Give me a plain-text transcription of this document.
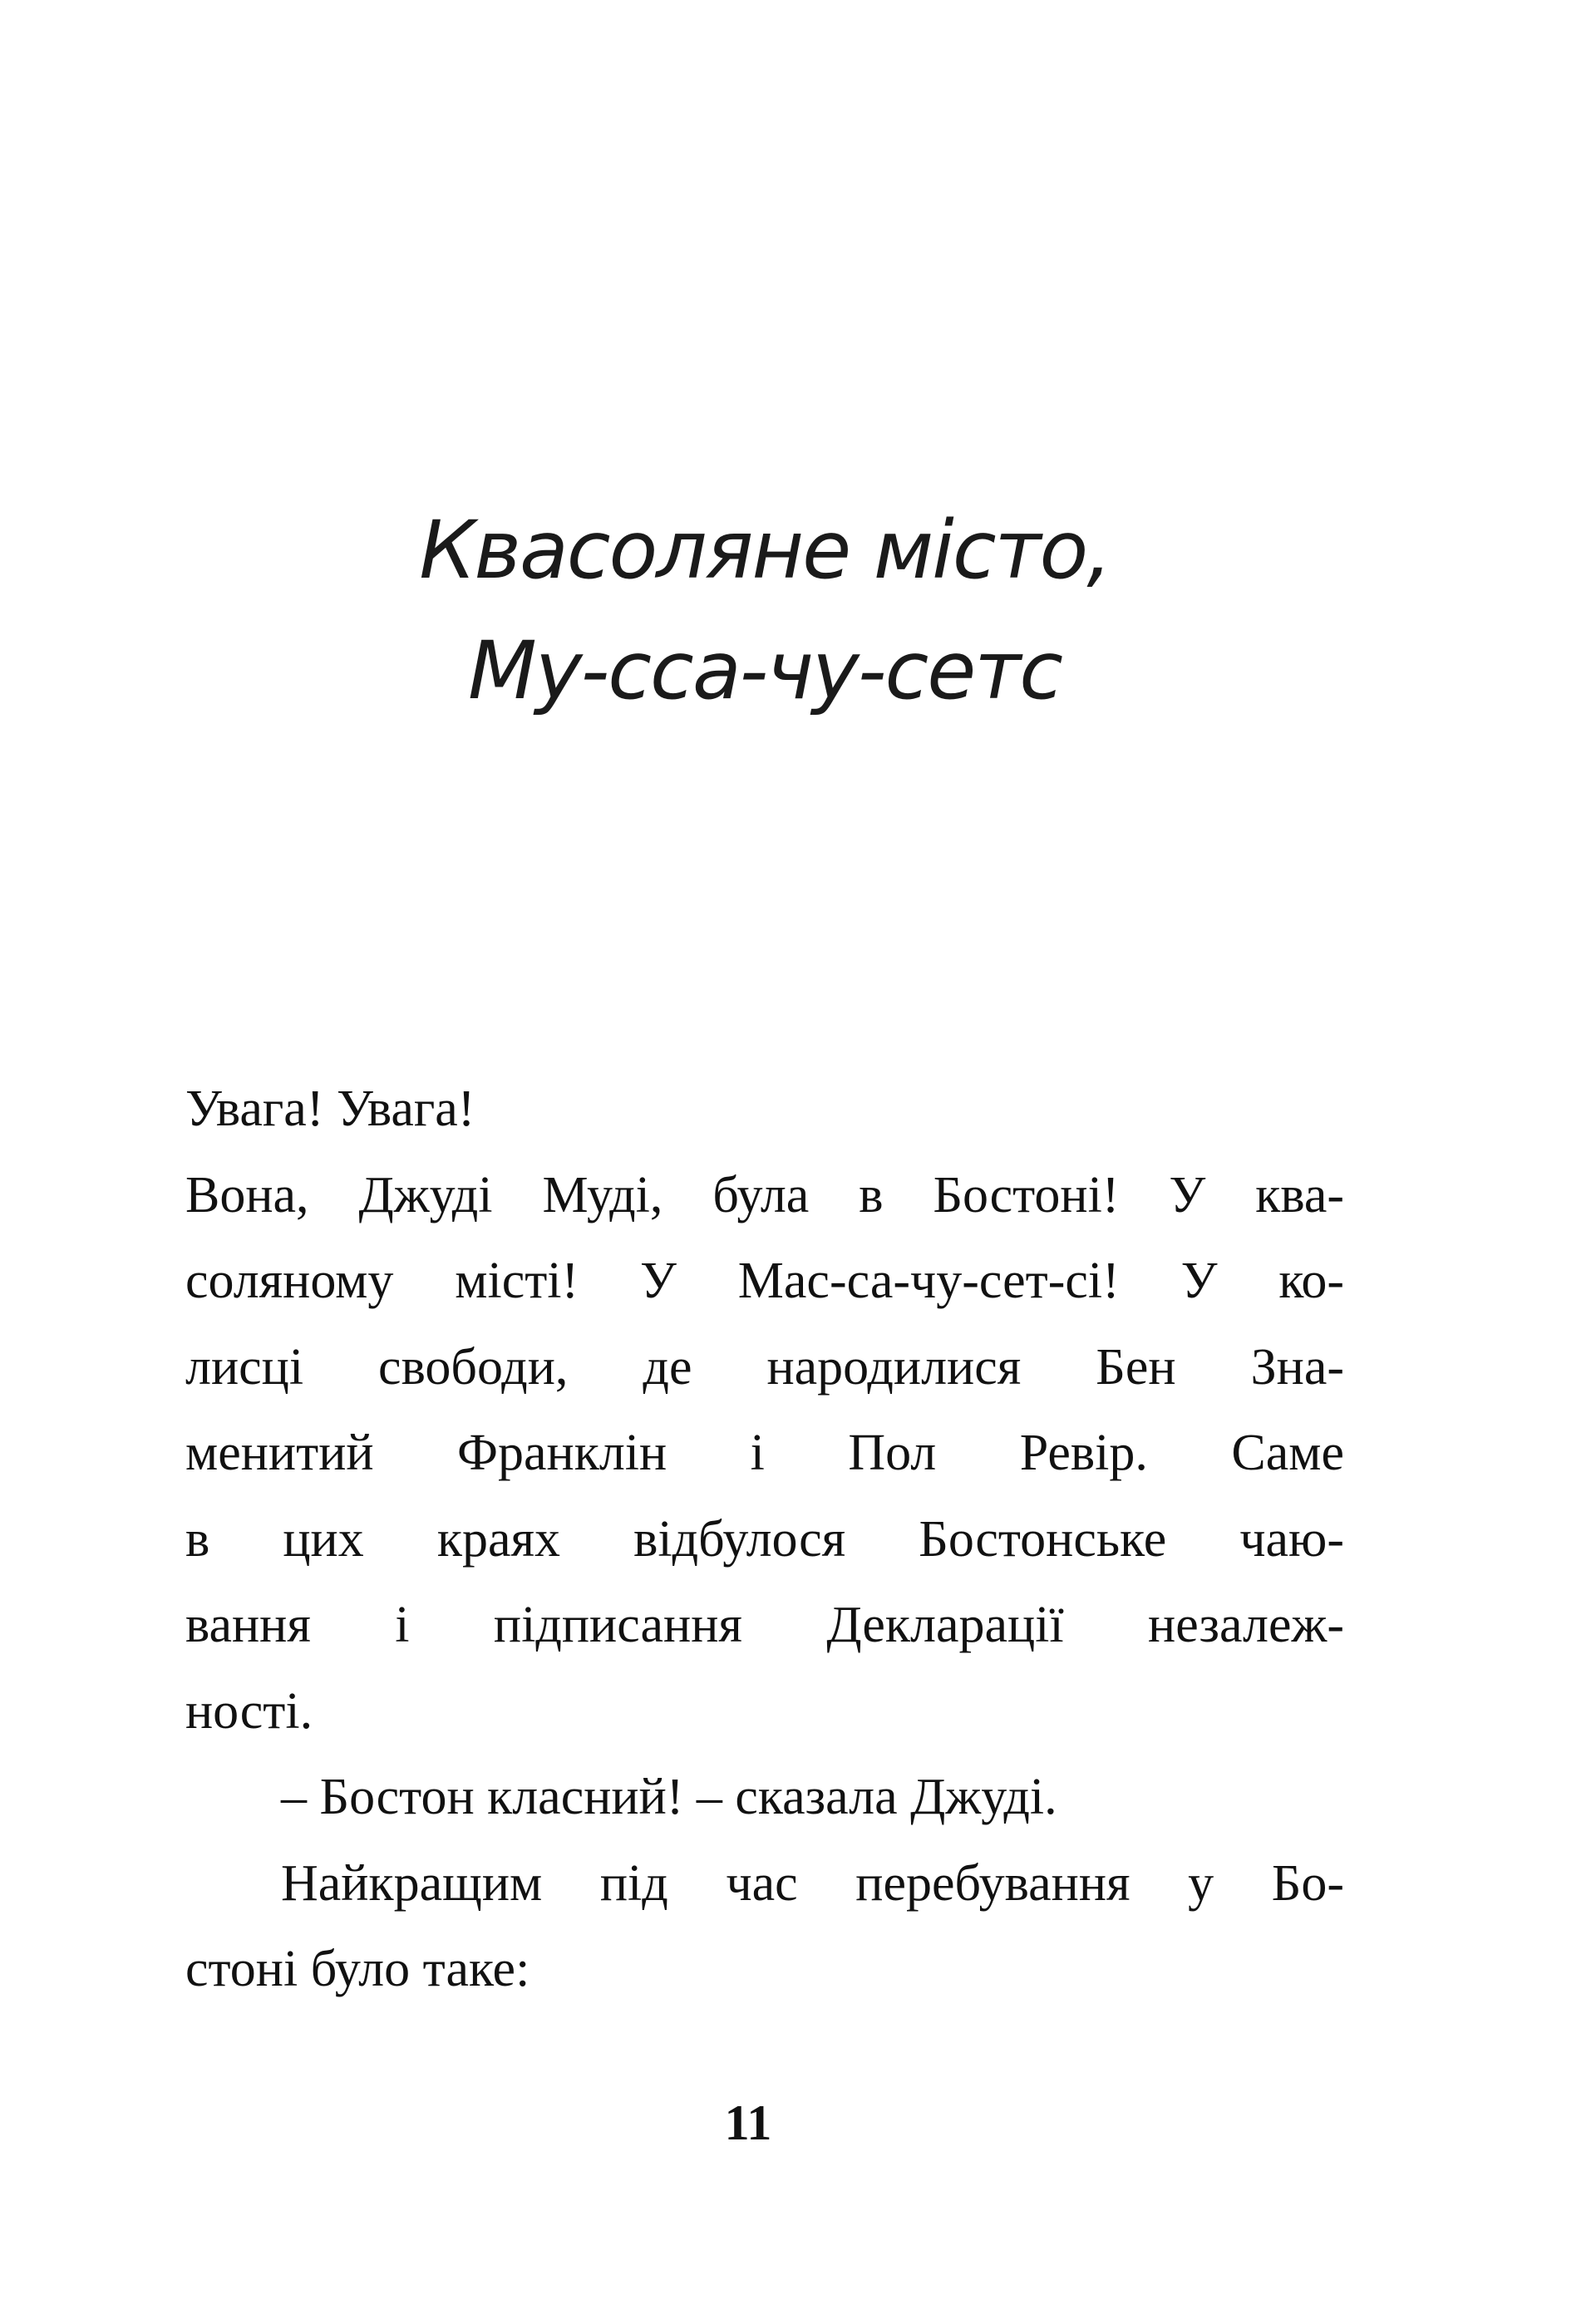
Квасоляне місто,
Му-сса-чу-сетс
Увага! Увага!
Вона, Джуді Муді, була в Бостоні! У ква-
соляному місті! У Мас-са-чу-сет-сі! У ко-
лисці свободи, де народилися Бен Зна-
менитий Франклін і Пол Ревір. Саме
в цих краях відбулося Бостонське чаю-
вання і підписання Декларації незалеж-
ності.
– Бостон класний! – сказала Джуді.
Найкращим під час перебування у Бо-
стоні було таке:
11
